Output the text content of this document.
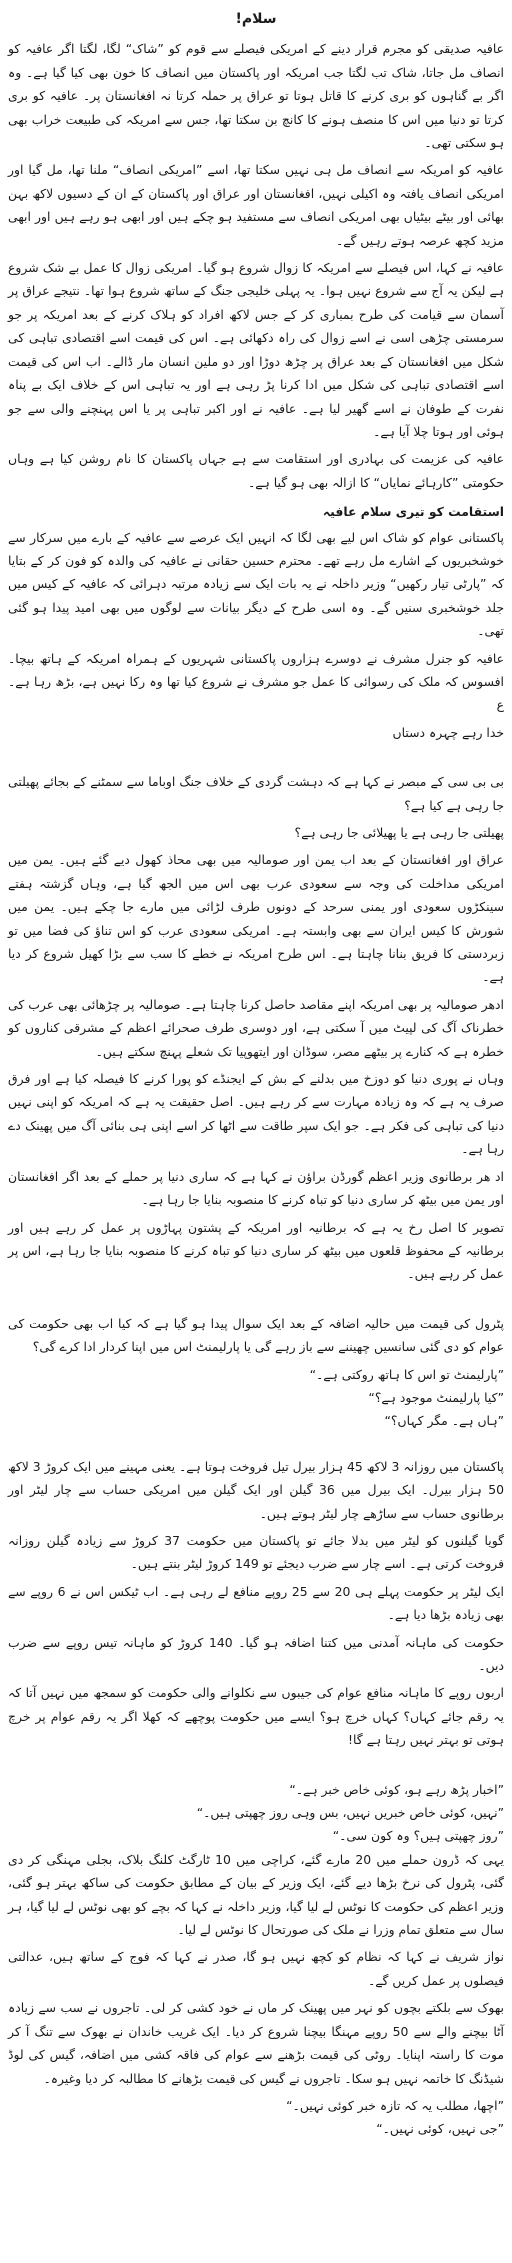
سلام!

عافیہ صدیقی کو مجرم قرار دینے کے امریکی فیصلے سے قوم کو ”شاک“ لگا، لگتا اگر عافیہ کو انصاف مل جاتا، شاک تب لگتا جب امریکہ اور پاکستان میں انصاف کا خون بھی کیا گیا ہے۔ وہ اگر بے گناہوں کو بری کرنے کا قاتل ہوتا تو عراق پر حملہ کرتا نہ افغانستان پر۔ عافیہ کو بری کرتا تو دنیا میں اس کا منصف ہونے کا کانچ بن سکتا تھا، جس سے امریکہ کی طبیعت خراب بھی ہو سکتی تھی۔

عافیہ کو امریکہ سے انصاف مل ہی نہیں سکتا تھا، اسے ”امریکی انصاف“ ملنا تھا، مل گیا اور امریکی انصاف یافتہ وہ اکیلی نہیں، افغانستان اور عراق اور پاکستان کے ان کے دسیوں لاکھ بہن بھائی اور بیٹے بیٹیاں بھی امریکی انصاف سے مستفید ہو چکے ہیں اور ابھی ہو رہے ہیں اور ابھی مزید کچھ عرصہ ہوتے رہیں گے۔

عافیہ نے کہا، اس فیصلے سے امریکہ کا زوال شروع ہو گیا۔ امریکی زوال کا عمل بے شک شروع ہے لیکن یہ آج سے شروع نہیں ہوا۔ یہ پہلی خلیجی جنگ کے ساتھ شروع ہوا تھا۔ نتیجے عراق پر آسمان سے قیامت کی طرح بمباری کر کے جس لاکھ افراد کو ہلاک کرنے کے بعد امریکہ پر جو سرمستی چڑھی اسی نے اسے زوال کی راہ دکھائی ہے۔ اس کی قیمت اسے اقتصادی تباہی کی شکل میں افغانستان کے بعد عراق پر چڑھ دوڑا اور دو ملین انسان مار ڈالے۔ اب اس کی قیمت اسے اقتصادی تباہی کی شکل میں ادا کرنا پڑ رہی ہے اور یہ تباہی اس کے خلاف ایک بے پناہ نفرت کے طوفان نے اسے گھیر لیا ہے۔ عافیہ نے اور اکبر تباہی پر یا اس پہنچنے والی سے جو ہوئی اور ہوتا چلا آیا ہے۔

عافیہ کی عزیمت کی بہادری اور استقامت سے ہے جہاں پاکستان کا نام روشن کیا ہے وہاں حکومتی ”کارہائے نمایاں“ کا ازالہ بھی ہو گیا ہے۔

استقامت کو تیری سلام عافیہ

پاکستانی عوام کو شاک اس لیے بھی لگا کہ انہیں ایک عرصے سے عافیہ کے بارے میں سرکار سے خوشخبریوں کے اشارے مل رہے تھے۔ محترم حسین حقانی نے عافیہ کی والدہ کو فون کر کے بتایا کہ ”پارٹی تیار رکھیں“ وزیر داخلہ نے یہ بات ایک سے زیادہ مرتبہ دہرائی کہ عافیہ کے کیس میں جلد خوشخبری سنیں گے۔ وہ اسی طرح کے دیگر بیانات سے لوگوں میں بھی امید پیدا ہو گئی تھی۔

عافیہ کو جنرل مشرف نے دوسرے ہزاروں پاکستانی شہریوں کے ہمراہ امریکہ کے ہاتھ بیچا۔ افسوس کہ ملک کی رسوائی کا عمل جو مشرف نے شروع کیا تھا وہ رکا نہیں ہے، بڑھ رہا ہے۔ ع

خدا رہے چہرہ دستاں

بی بی سی کے مبصر نے کہا ہے کہ دہشت گردی کے خلاف جنگ اوباما سے سمٹنے کے بجائے پھیلتی جا رہی ہے کیا ہے؟

پھیلتی جا رہی ہے یا پھیلائی جا رہی ہے؟

عراق اور افغانستان کے بعد اب یمن اور صومالیہ میں بھی محاذ کھول دیے گئے ہیں۔ یمن میں امریکی مداخلت کی وجہ سے سعودی عرب بھی اس میں الجھ گیا ہے، وہاں گزشتہ ہفتے سینکڑوں سعودی اور یمنی سرحد کے دونوں طرف لڑائی میں مارے جا چکے ہیں۔ یمن میں شورش کا کیس ایران سے بھی وابستہ ہے۔ امریکی سعودی عرب کو اس تناؤ کی فضا میں تو زبردستی کا فریق بنانا چاہتا ہے۔ اس طرح امریکہ نے خطے کا سب سے بڑا کھیل شروع کر دیا ہے۔

ادھر صومالیہ پر بھی امریکہ اپنے مقاصد حاصل کرنا چاہتا ہے۔ صومالیہ پر چڑھائی بھی عرب کی خطرناک آگ کی لپیٹ میں آ سکتی ہے، اور دوسری طرف صحرائے اعظم کے مشرقی کناروں کو خطرہ ہے کہ کنارے پر بیٹھے مصر، سوڈان اور ایتھوپیا تک شعلے پہنچ سکتے ہیں۔

وہاں نے پوری دنیا کو دوزخ میں بدلنے کے بش کے ایجنڈے کو پورا کرنے کا فیصلہ کیا ہے اور فرق صرف یہ ہے کہ وہ زیادہ مہارت سے کر رہے ہیں۔ اصل حقیقت یہ ہے کہ امریکہ کو اپنی نہیں دنیا کی تباہی کی فکر ہے۔ جو ایک سپر طاقت سے اٹھا کر اسے اپنی ہی بنائی آگ میں پھینک دے رہا ہے۔

اد ھر برطانوی وزیر اعظم گورڈن براؤن نے کہا ہے کہ ساری دنیا پر حملے کے بعد اگر افغانستان اور یمن میں بیٹھ کر ساری دنیا کو تباہ کرنے کا منصوبہ بنایا جا رہا ہے۔

تصویر کا اصل رخ یہ ہے کہ برطانیہ اور امریکہ کے پشتون پہاڑوں پر عمل کر رہے ہیں اور برطانیہ کے محفوظ قلعوں میں بیٹھ کر ساری دنیا کو تباہ کرنے کا منصوبہ بنایا جا رہا ہے، اس پر عمل کر رہے ہیں۔

پٹرول کی قیمت میں حالیہ اضافہ کے بعد ایک سوال پیدا ہو گیا ہے کہ کیا اب بھی حکومت کی عوام کو دی گئی سانسیں چھیننے سے باز رہے گی یا پارلیمنٹ اس میں اپنا کردار ادا کرے گی؟

”پارلیمنٹ تو اس کا ہاتھ روکتی ہے۔“

”کیا پارلیمنٹ موجود ہے؟“

”ہاں ہے۔ مگر کہاں؟“

پاکستان میں روزانہ 3 لاکھ 45 ہزار بیرل تیل فروخت ہوتا ہے۔ یعنی مہینے میں ایک کروڑ 3 لاکھ 50 ہزار بیرل۔ ایک بیرل میں 36 گیلن اور ایک گیلن میں امریکی حساب سے چار لیٹر اور برطانوی حساب سے ساڑھے چار لیٹر ہوتے ہیں۔

گویا گیلنوں کو لیٹر میں بدلا جائے تو پاکستان میں حکومت 37 کروڑ سے زیادہ گیلن روزانہ فروخت کرتی ہے۔ اسے چار سے ضرب دیجئے تو 149 کروڑ لیٹر بنتے ہیں۔

ایک لیٹر پر حکومت پہلے ہی 20 سے 25 روپے منافع لے رہی ہے۔ اب ٹیکس اس نے 6 روپے سے بھی زیادہ بڑھا دیا ہے۔

حکومت کی ماہانہ آمدنی میں کتنا اضافہ ہو گیا۔ 140 کروڑ کو ماہانہ تیس روپے سے ضرب دیں۔

اربوں روپے کا ماہانہ منافع عوام کی جیبوں سے نکلوانے والی حکومت کو سمجھ میں نہیں آتا کہ یہ رقم جائے کہاں؟ کہاں خرچ ہو؟ ایسے میں حکومت پوچھے کہ کھلا اگر یہ رقم عوام پر خرچ ہوتی تو بہتر نہیں رہتا ہے گا!

”اخبار پڑھ رہے ہو، کوئی خاص خبر ہے۔“

”نہیں، کوئی خاص خبریں نہیں، بس وہی روز چھپتی ہیں۔“

”روز چھپتی ہیں؟ وہ کون سی۔“

یہی کہ ڈرون حملے میں 20 مارے گئے، کراچی میں 10 ٹارگٹ کلنگ بلاک، بجلی مہنگی کر دی گئی، پٹرول کی نرخ بڑھا دیے گئے، ایک وزیر کے بیان کے مطابق حکومت کی ساکھ بہتر ہو گئی، وزیر اعظم کی حکومت کا نوٹس لے لیا گیا، وزیر داخلہ نے کہا کہ بچے کو بھی نوٹس لے لیا گیا، ہر سال سے متعلق تمام وزرا نے ملک کی صورتحال کا نوٹس لے لیا۔

نواز شریف نے کہا کہ نظام کو کچھ نہیں ہو گا، صدر نے کہا کہ فوج کے ساتھ ہیں، عدالتی فیصلوں پر عمل کریں گے۔

بھوک سے بلکتے بچوں کو نہر میں پھینک کر ماں نے خود کشی کر لی۔ تاجروں نے سب سے زیادہ آٹا بیچنے والے سے 50 روپے مہنگا بیچنا شروع کر دیا۔ ایک غریب خاندان نے بھوک سے تنگ آ کر موت کا راستہ اپنایا۔ روٹی کی قیمت بڑھنے سے عوام کی فاقہ کشی میں اضافہ، گیس کی لوڈ شیڈنگ کا خاتمہ نہیں ہو سکا۔ تاجروں نے گیس کی قیمت بڑھانے کا مطالبہ کر دیا وغیرہ۔

”اچھا، مطلب یہ کہ تازہ خبر کوئی نہیں۔“

”جی نہیں، کوئی نہیں۔“
